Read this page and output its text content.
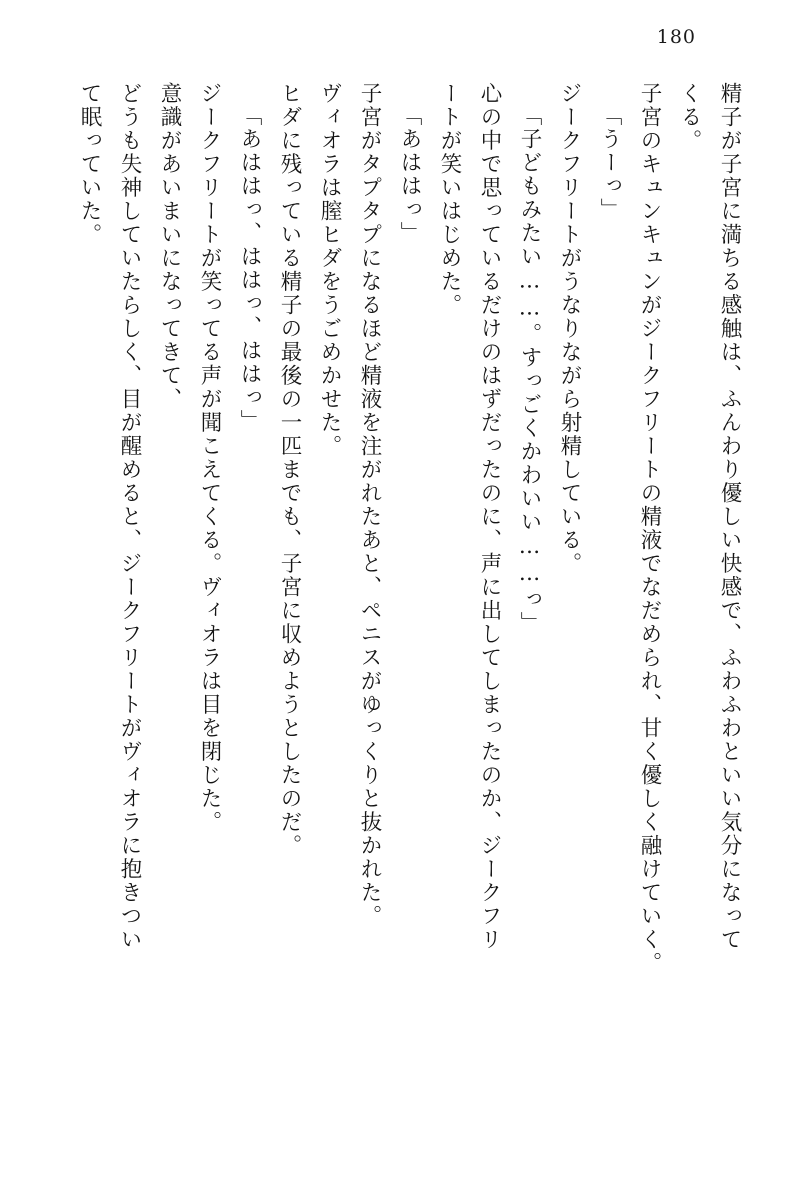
180
精子が子宮に満ちる感触は、ふんわり優しい快感で、ふわふわといい気分になって
くる。
子宮のキュンキュンがジークフリートの精液でなだめられ、甘く優しく融けていく。
「うーっ」
ジークフリートがうなりながら射精している。
「子どもみたい……。すっごくかわいい……っ」
心の中で思っているだけのはずだったのに、声に出してしまったのか、ジークフリ
ートが笑いはじめた。
「あははっ」
子宮がタプタプになるほど精液を注がれたあと、ペニスがゆっくりと抜かれた。
ヴィオラは膣ヒダをうごめかせた。
ヒダに残っている精子の最後の一匹までも、子宮に収めようとしたのだ。
「あははっ、ははっ、ははっ」
ジークフリートが笑ってる声が聞こえてくる。ヴィオラは目を閉じた。
意識があいまいになってきて、
どうも失神していたらしく、目が醒めると、ジークフリートがヴィオラに抱きつい
て眠っていた。
